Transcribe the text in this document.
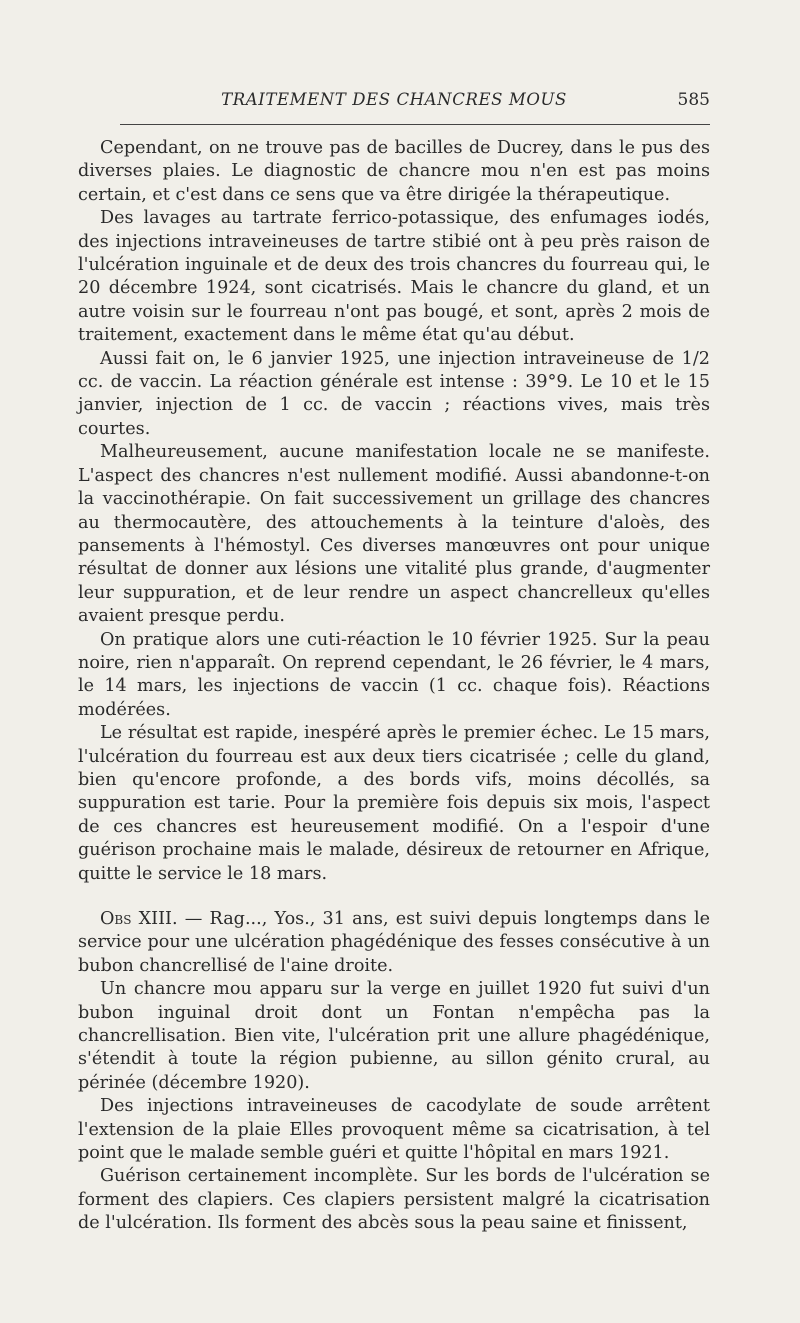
TRAITEMENT DES CHANCRES MOUS	585

Cependant, on ne trouve pas de bacilles de Ducrey, dans le pus des diverses plaies. Le diagnostic de chancre mou n'en est pas moins certain, et c'est dans ce sens que va être dirigée la thérapeutique.

Des lavages au tartrate ferrico-potassique, des enfumages iodés, des injections intraveineuses de tartre stibié ont à peu près raison de l'ulcération inguinale et de deux des trois chancres du fourreau qui, le 20 décembre 1924, sont cicatrisés. Mais le chancre du gland, et un autre voisin sur le fourreau n'ont pas bougé, et sont, après 2 mois de traitement, exactement dans le même état qu'au début.

Aussi fait on, le 6 janvier 1925, une injection intraveineuse de 1/2 cc. de vaccin. La réaction générale est intense : 39°9. Le 10 et le 15 janvier, injection de 1 cc. de vaccin ; réactions vives, mais très courtes.

Malheureusement, aucune manifestation locale ne se manifeste. L'aspect des chancres n'est nullement modifié. Aussi abandonne-t-on la vaccinothérapie. On fait successivement un grillage des chancres au thermocautère, des attouchements à la teinture d'aloès, des pansements à l'hémostyl. Ces diverses manœuvres ont pour unique résultat de donner aux lésions une vitalité plus grande, d'augmenter leur suppuration, et de leur rendre un aspect chancrelleux qu'elles avaient presque perdu.

On pratique alors une cuti-réaction le 10 février 1925. Sur la peau noire, rien n'apparaît. On reprend cependant, le 26 février, le 4 mars, le 14 mars, les injections de vaccin (1 cc. chaque fois). Réactions modérées.

Le résultat est rapide, inespéré après le premier échec. Le 15 mars, l'ulcération du fourreau est aux deux tiers cicatrisée ; celle du gland, bien qu'encore profonde, a des bords vifs, moins décollés, sa suppuration est tarie. Pour la première fois depuis six mois, l'aspect de ces chancres est heureusement modifié. On a l'espoir d'une guérison prochaine mais le malade, désireux de retourner en Afrique, quitte le service le 18 mars.

Obs XIII. — Rag..., Yos., 31 ans, est suivi depuis longtemps dans le service pour une ulcération phagédénique des fesses consécutive à un bubon chancrellisé de l'aine droite.

Un chancre mou apparu sur la verge en juillet 1920 fut suivi d'un bubon inguinal droit dont un Fontan n'empêcha pas la chancrellisation. Bien vite, l'ulcération prit une allure phagédénique, s'étendit à toute la région pubienne, au sillon génito crural, au périnée (décembre 1920).

Des injections intraveineuses de cacodylate de soude arrêtent l'extension de la plaie Elles provoquent même sa cicatrisation, à tel point que le malade semble guéri et quitte l'hôpital en mars 1921.

Guérison certainement incomplète. Sur les bords de l'ulcération se forment des clapiers. Ces clapiers persistent malgré la cicatrisation de l'ulcération. Ils forment des abcès sous la peau saine et finissent,
